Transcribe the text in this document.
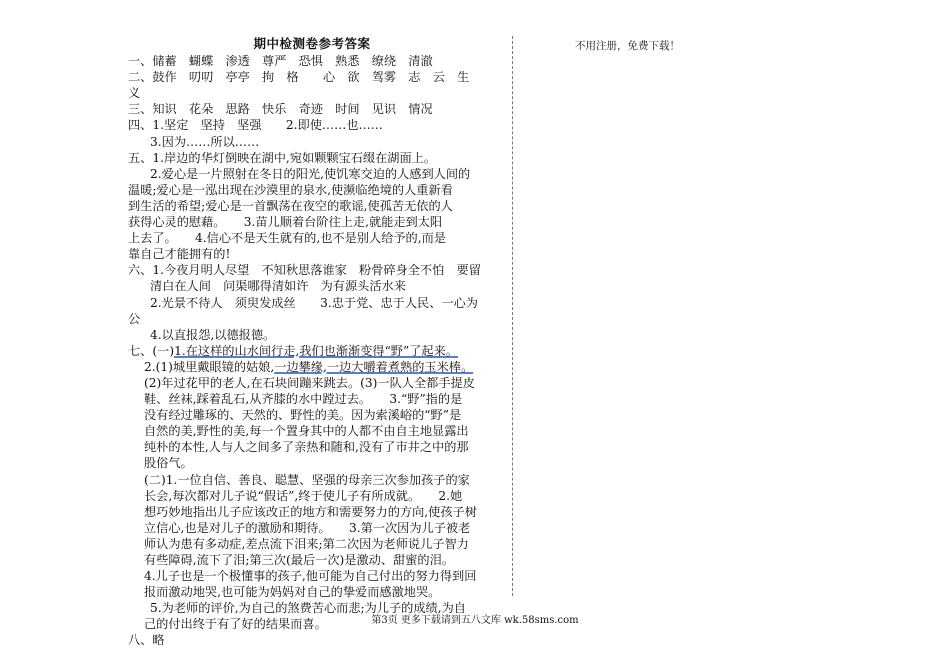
期中检测卷参考答案
一、储蓄　蝴蝶　渗透　尊严　恐惧　熟悉　缭绕　清澈
二、鼓作　叨叨　亭亭　拘　格　　心　欲　驾雾　志　云　生
义
三、知识　花朵　思路　快乐　奇迹　时间　见识　情况
四、1.坚定　坚持　坚强　　2.即使……也……
3.因为……所以……
五、1.岸边的华灯倒映在湖中,宛如颗颗宝石缀在湖面上。
2.爱心是一片照射在冬日的阳光,使饥寒交迫的人感到人间的
温暖;爱心是一泓出现在沙漠里的泉水,使濒临绝境的人重新看
到生活的希望;爱心是一首飘荡在夜空的歌谣,使孤苦无依的人
获得心灵的慰藉。　　3.苗儿顺着台阶往上走,就能走到太阳
上去了。　　4.信心不是天生就有的,也不是别人给予的,而是
靠自己才能拥有的!
六、1.今夜月明人尽望　不知秋思落谁家　粉骨碎身全不怕　要留
清白在人间　问渠哪得清如许　为有源头活水来
2.光景不待人　须臾发成丝　　3.忠于党、忠于人民、一心为
公
4.以直报怨,以德报德。
七、(一)1.在这样的山水间行走,我们也渐渐变得“野”了起来。
2.(1)城里戴眼镜的姑娘,一边攀缘,一边大嚼着煮熟的玉米棒。
(2)年过花甲的老人,在石块间蹦来跳去。(3)一队人全都手提皮
鞋、丝袜,踩着乱石,从齐膝的水中蹚过去。　　3.“野”指的是
没有经过雕琢的、天然的、野性的美。因为索溪峪的“野”是
自然的美,野性的美,每一个置身其中的人都不由自主地显露出
纯朴的本性,人与人之间多了亲热和随和,没有了市井之中的那
股俗气。
(二)1.一位自信、善良、聪慧、坚强的母亲三次参加孩子的家
长会,每次都对儿子说“假话”,终于使儿子有所成就。　　2.她
想巧妙地指出儿子应该改正的地方和需要努力的方向,使孩子树
立信心,也是对儿子的激励和期待。　　3.第一次因为儿子被老
师认为患有多动症,差点流下泪来;第二次因为老师说儿子智力
有些障碍,流下了泪;第三次(最后一次)是激动、甜蜜的泪。
4.儿子也是一个极懂事的孩子,他可能为自己付出的努力得到回
报而激动地哭,也可能为妈妈对自己的挚爱而感激地哭。
5.为老师的评价,为自己的煞费苦心而悲;为儿子的成绩,为自
己的付出终于有了好的结果而喜。
八、略
不用注册，免费下载！
第3页 更多下载请到五八文库 wk.58sms.com
